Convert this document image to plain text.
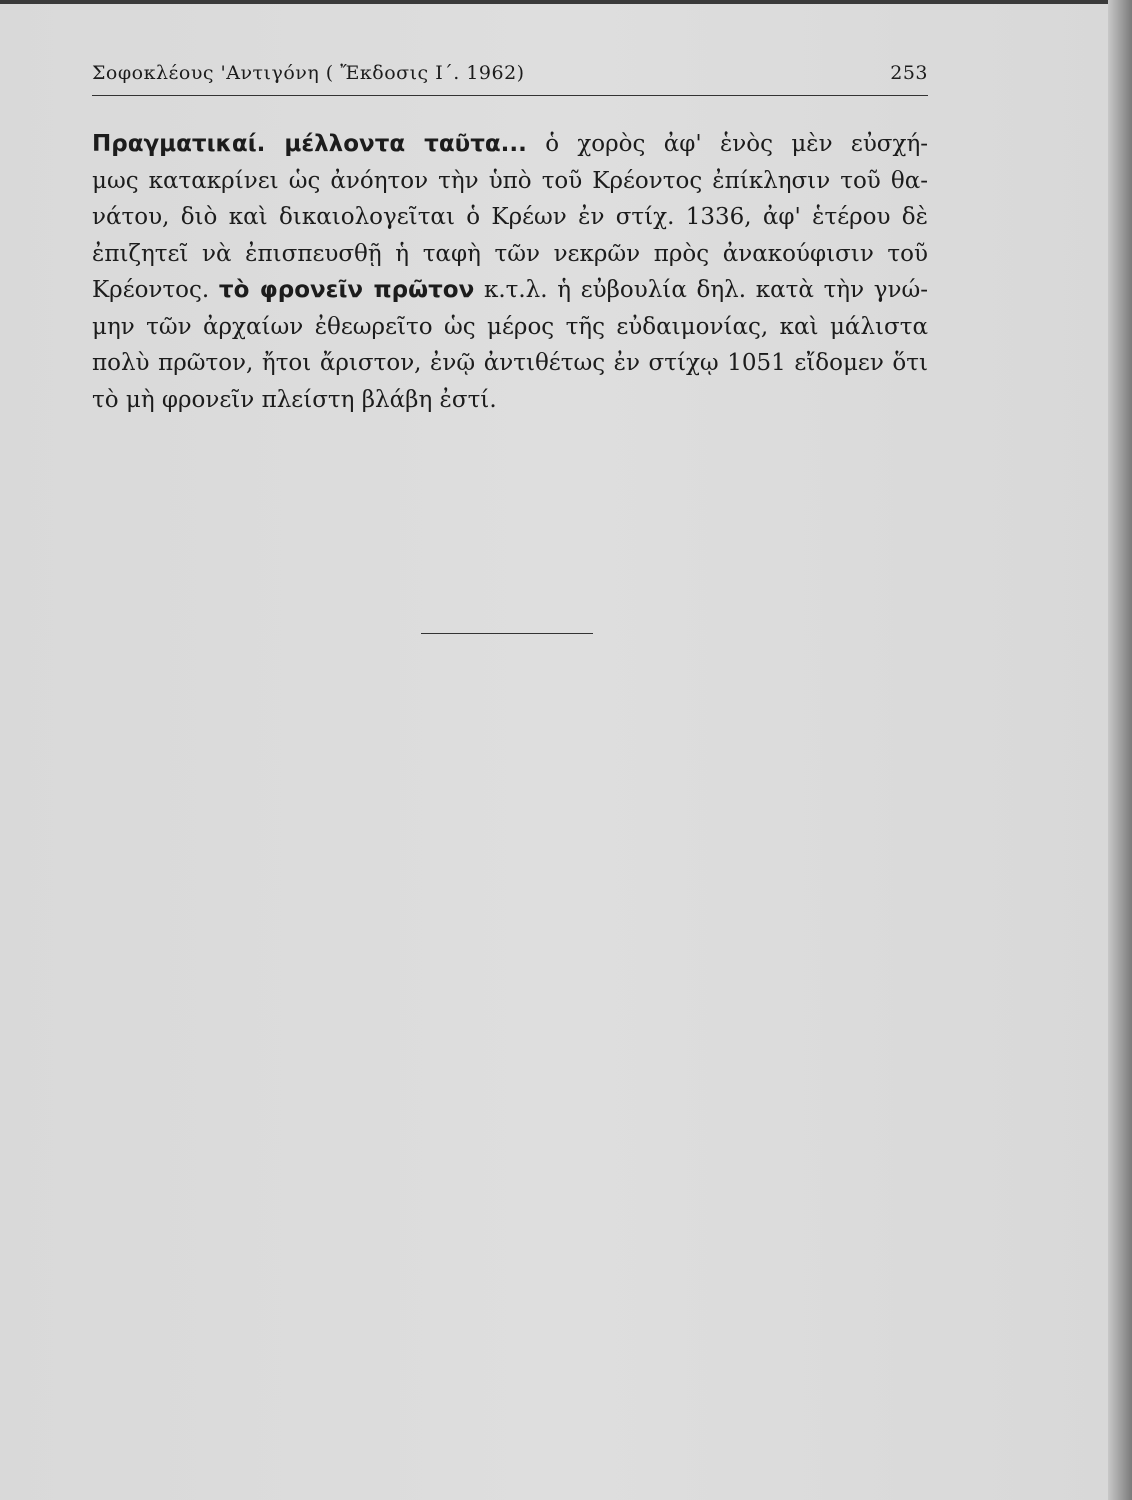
Σοφοκλέους 'Αντιγόνη ( Ἔκδοσις Ι΄. 1962)	253
Πραγματικαί. μέλλοντα ταῦτα... ὁ χορὸς ἀφ' ἑνὸς μὲν εὐσχή-
μως κατακρίνει ὡς ἀνόητον τὴν ὑπὸ τοῦ Κρέοντος ἐπίκλησιν τοῦ θα-
νάτου, διὸ καὶ δικαιολογεῖται ὁ Κρέων ἐν στίχ. 1336, ἀφ' ἑτέρου δὲ
ἐπιζητεῖ νὰ ἐπισπευσθῇ ἡ ταφὴ τῶν νεκρῶν πρὸς ἀνακούφισιν τοῦ
Κρέοντος. τὸ φρονεῖν πρῶτον κ.τ.λ. ἡ εὐβουλία δηλ. κατὰ τὴν γνώ-
μην τῶν ἀρχαίων ἐθεωρεῖτο ὡς μέρος τῆς εὐδαιμονίας, καὶ μάλιστα
πολὺ πρῶτον, ἤτοι ἄριστον, ἐνῷ ἀντιθέτως ἐν στίχῳ 1051 εἴδομεν ὅτι
τὸ μὴ φρονεῖν πλείστη βλάβη ἐστί.
